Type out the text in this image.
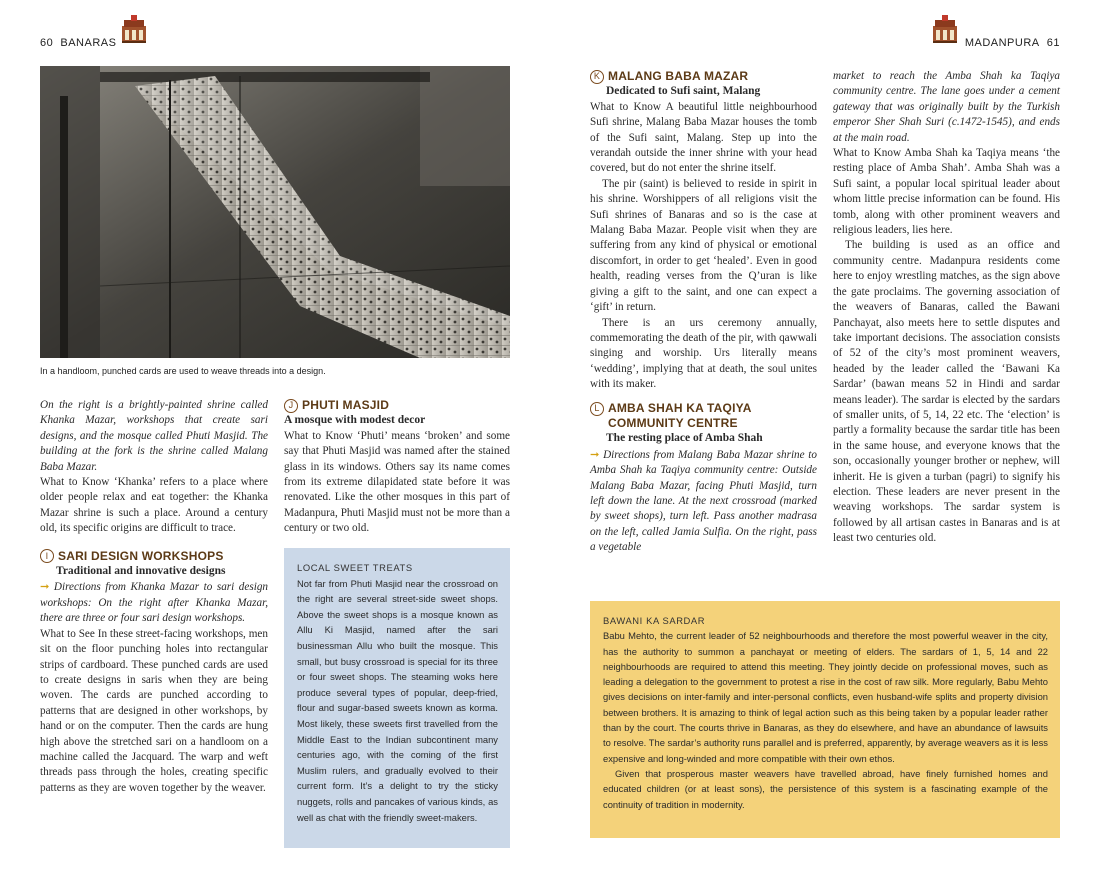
60 BANARAS	MADANPURA 61
In a handloom, punched cards are used to weave threads into a design.

On the right is a brightly-painted shrine called Khanka Mazar, workshops that create sari designs, and the mosque called Phuti Masjid. The building at the fork is the shrine called Malang Baba Mazar.

What to Know ‘Khanka’ refers to a place where older people relax and eat together: the Khanka Mazar shrine is such a place. Around a century old, its specific origins are difficult to trace.

I SARI DESIGN WORKSHOPS
Traditional and innovative designs

➞ Directions from Khanka Mazar to sari design workshops: On the right after Khanka Mazar, there are three or four sari design workshops.

What to See In these street-facing workshops, men sit on the floor punching holes into rectangular strips of cardboard. These punched cards are used to create designs in saris when they are being woven. The cards are punched according to patterns that are designed in other workshops, by hand or on the computer. Then the cards are hung high above the stretched sari on a handloom on a machine called the Jacquard. The warp and weft threads pass through the holes, creating specific patterns as they are woven together by the weaver.

J PHUTI MASJID
A mosque with modest decor

What to Know ‘Phuti’ means ‘broken’ and some say that Phuti Masjid was named after the stained glass in its windows. Others say its name comes from its extreme dilapidated state before it was renovated. Like the other mosques in this part of Madanpura, Phuti Masjid must not be more than a century or two old.

LOCAL SWEET TREATS
Not far from Phuti Masjid near the crossroad on the right are several street-side sweet shops. Above the sweet shops is a mosque known as Allu Ki Masjid, named after the sari businessman Allu who built the mosque. This small, but busy crossroad is special for its three or four sweet shops. The steaming woks here produce several types of popular, deep-fried, flour and sugar-based sweets known as korma. Most likely, these sweets first travelled from the Middle East to the Indian subcontinent many centuries ago, with the coming of the first Muslim rulers, and gradually evolved to their current form. It’s a delight to try the sticky nuggets, rolls and pancakes of various kinds, as well as chat with the friendly sweet-makers.
K MALANG BABA MAZAR
Dedicated to Sufi saint, Malang

What to Know A beautiful little neighbourhood Sufi shrine, Malang Baba Mazar houses the tomb of the Sufi saint, Malang. Step up into the verandah outside the inner shrine with your head covered, but do not enter the shrine itself.

The pir (saint) is believed to reside in spirit in his shrine. Worshippers of all religions visit the Sufi shrines of Banaras and so is the case at Malang Baba Mazar. People visit when they are suffering from any kind of physical or emotional discomfort, in order to get ‘healed’. Even in good health, reading verses from the Q’uran is like giving a gift to the saint, and one can expect a ‘gift’ in return.

There is an urs ceremony annually, commemorating the death of the pir, with qawwali singing and worship. Urs literally means ‘wedding’, implying that at death, the soul unites with its maker.

L AMBA SHAH KA TAQIYA
COMMUNITY CENTRE
The resting place of Amba Shah

➞ Directions from Malang Baba Mazar shrine to Amba Shah ka Taqiya community centre: Outside Malang Baba Mazar, facing Phuti Masjid, turn left down the lane. At the next crossroad (marked by sweet shops), turn left. Pass another madrasa on the left, called Jamia Sulfia. On the right, pass a vegetable

market to reach the Amba Shah ka Taqiya community centre. The lane goes under a cement gateway that was originally built by the Turkish emperor Sher Shah Suri (c.1472-1545), and ends at the main road.

What to Know Amba Shah ka Taqiya means ‘the resting place of Amba Shah’. Amba Shah was a Sufi saint, a popular local spiritual leader about whom little precise information can be found. His tomb, along with other prominent weavers and religious leaders, lies here.

The building is used as an office and community centre. Madanpura residents come here to enjoy wrestling matches, as the sign above the gate proclaims. The governing association of the weavers of Banaras, called the Bawani Panchayat, also meets here to settle disputes and take important decisions. The association consists of 52 of the city’s most prominent weavers, headed by the leader called the ‘Bawani Ka Sardar’ (bawan means 52 in Hindi and sardar means leader). The sardar is elected by the sardars of smaller units, of 5, 14, 22 etc. The ‘election’ is partly a formality because the sardar title has been in the same house, and everyone knows that the son, occasionally younger brother or nephew, will inherit. He is given a turban (pagri) to signify his election. These leaders are never present in the weaving workshops. The sardar system is followed by all artisan castes in Banaras and is at least two centuries old.

BAWANI KA SARDAR
Babu Mehto, the current leader of 52 neighbourhoods and therefore the most powerful weaver in the city, has the authority to summon a panchayat or meeting of elders. The sardars of 1, 5, 14 and 22 neighbourhoods are required to attend this meeting. They jointly decide on professional moves, such as leading a delegation to the government to protest a rise in the cost of raw silk. More regularly, Babu Mehto gives decisions on inter-family and inter-personal conflicts, even husband-wife splits and property division between brothers. It is amazing to think of legal action such as this being taken by a popular leader rather than by the court. The courts thrive in Banaras, as they do elsewhere, and have an abundance of lawsuits to resolve. The sardar’s authority runs parallel and is preferred, apparently, by average weavers as it is less expensive and long-winded and more compatible with their own ethos.
Given that prosperous master weavers have travelled abroad, have finely furnished homes and educated children (or at least sons), the persistence of this system is a fascinating example of the continuity of tradition in modernity.
